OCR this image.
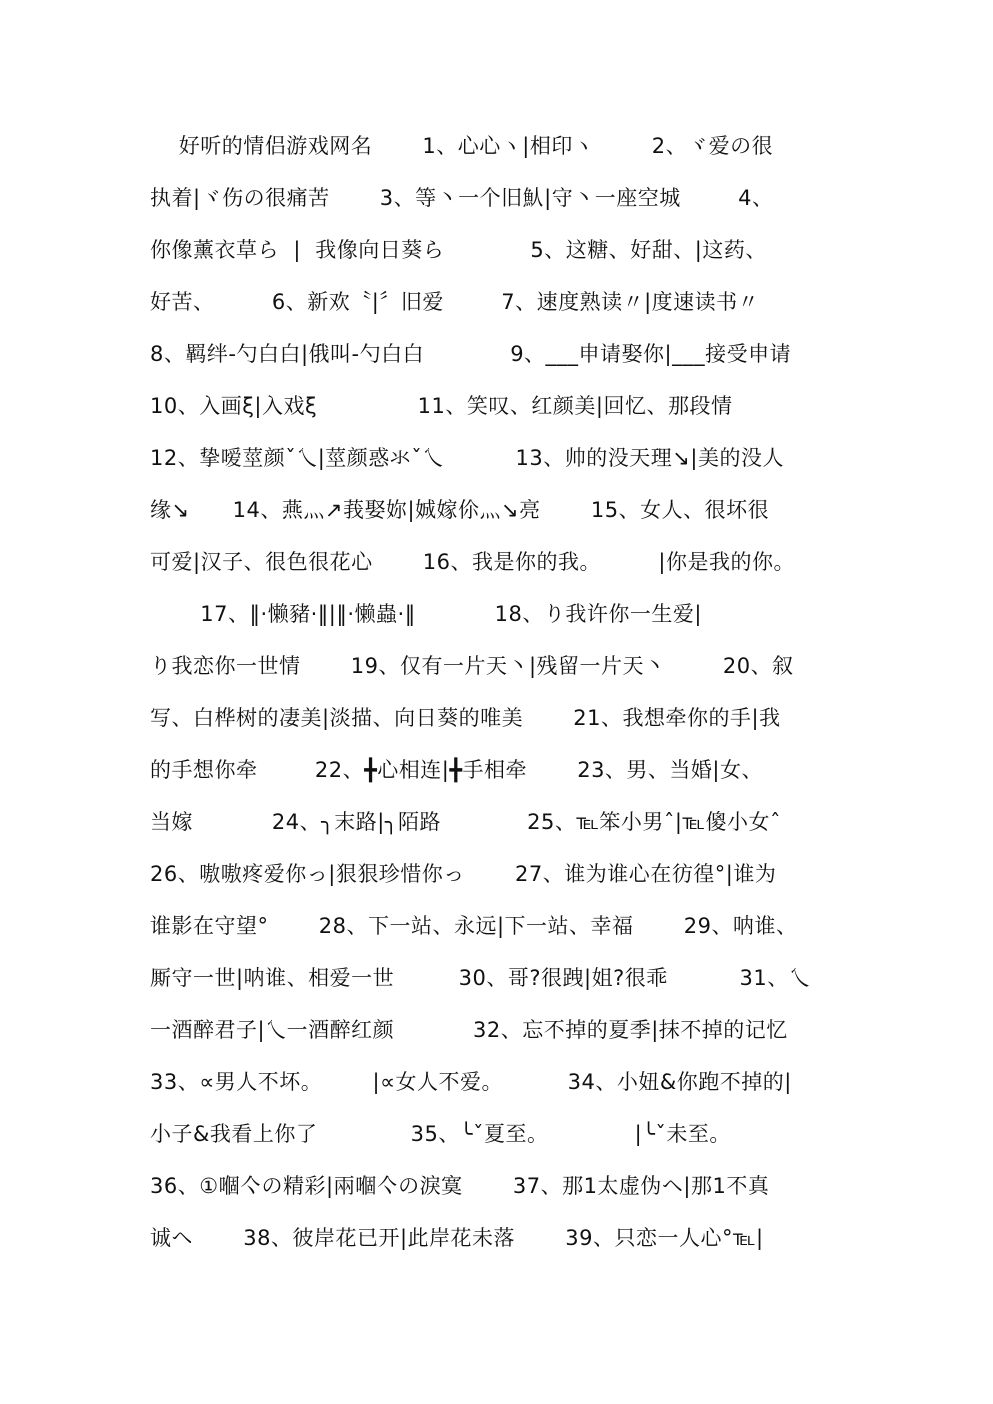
好听的情侣游戏网名       1、心心ヽ|相印ヽ        2、ヾ爱の很
执着|ヾ伤の很痛苦       3、等丶一个旧魜|守丶一座空城        4、
你像薰衣草ら  |  我像向日葵ら            5、这糖、好甜、|这药、
好苦、        6、新欢〝|〞旧爱        7、速度熟读〃|度速读书〃
8、羁绊-勺白白|俄叫-勺白白            9、___申请娶你|___接受申请
10、入画ξ|入戏ξ              11、笑叹、红颜美|回忆、那段情
12、挚嗳莖颜ˇ乀|莖颜惑氺ˇ乀          13、帅的没天理↘|美的没人
缘↘      14、燕灬↗莪娶妳|娍嫁伱灬↘亮       15、女人、很坏很
可爱|汉子、很色很花心       16、我是你的我。        |你是我的你。
17、‖·懒豬·‖|‖·懒蟲·‖           18、り我许你一生爱|
り我恋你一世情       19、仅有一片天丶|残留一片天丶        20、叙
写、白桦树的凄美|淡描、向日葵的唯美       21、我想牵你的手|我
的手想你牵        22、╋心相连|╋手相牵       23、男、当婚|女、
当嫁           24、╮末路|╮陌路            25、℡笨小男ˆ|℡傻小女ˆ
26、嗷嗷疼爱你っ|狠狠珍惜你っ       27、谁为谁心在彷徨°|谁为
谁影在守望°       28、下一站、永远|下一站、幸福       29、呐谁、
厮守一世|呐谁、相爱一世         30、哥?很跩|姐?很乖          31、乀
一酒醉君子|乀一酒醉红颜           32、忘不掉的夏季|抹不掉的记忆
33、∝男人不坏。       |∝女人不爱。         34、小妞&你跑不掉的|
小子&我看上你了             35、╰ˇ夏至。            |╰ˇ未至。
36、①嗰亽の精彩|兩嗰亽の淚寞       37、那1太虚伪ヘ|那1不真
诚ヘ       38、彼岸花已开|此岸花未落       39、只恋一人心°℡|
